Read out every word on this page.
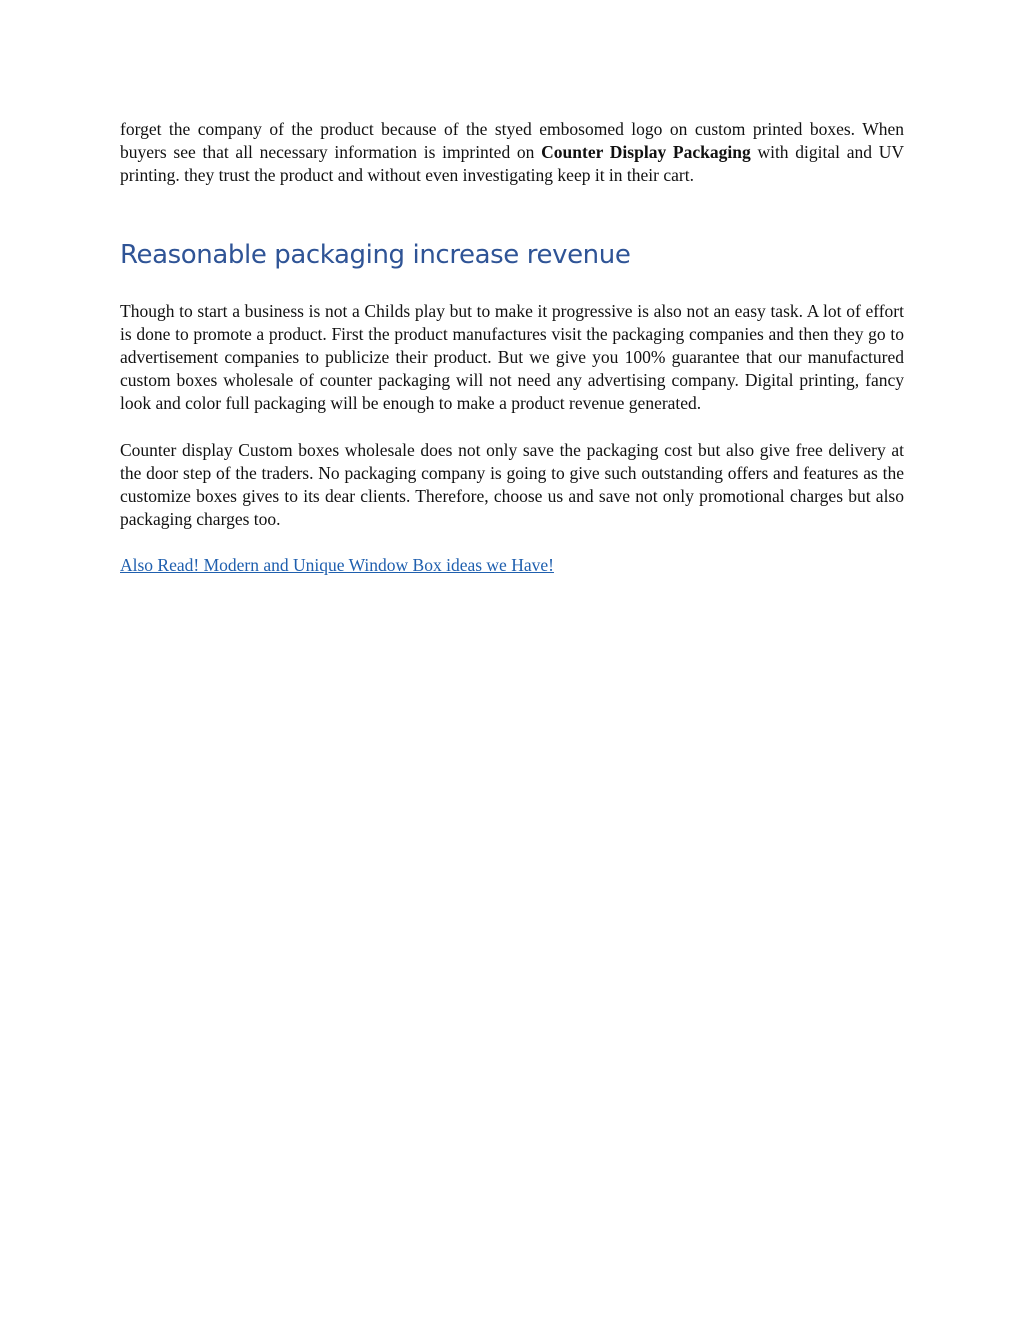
forget the company of the product because of the styed embosomed logo on custom printed boxes. When buyers see that all necessary information is imprinted on Counter Display Packaging with digital and UV printing. they trust the product and without even investigating keep it in their cart.

Reasonable packaging increase revenue

Though to start a business is not a Childs play but to make it progressive is also not an easy task. A lot of effort is done to promote a product. First the product manufactures visit the packaging companies and then they go to advertisement companies to publicize their product. But we give you 100% guarantee that our manufactured custom boxes wholesale of counter packaging will not need any advertising company. Digital printing, fancy look and color full packaging will be enough to make a product revenue generated.

Counter display Custom boxes wholesale does not only save the packaging cost but also give free delivery at the door step of the traders. No packaging company is going to give such outstanding offers and features as the customize boxes gives to its dear clients. Therefore, choose us and save not only promotional charges but also packaging charges too.

Also Read! Modern and Unique Window Box ideas we Have!
